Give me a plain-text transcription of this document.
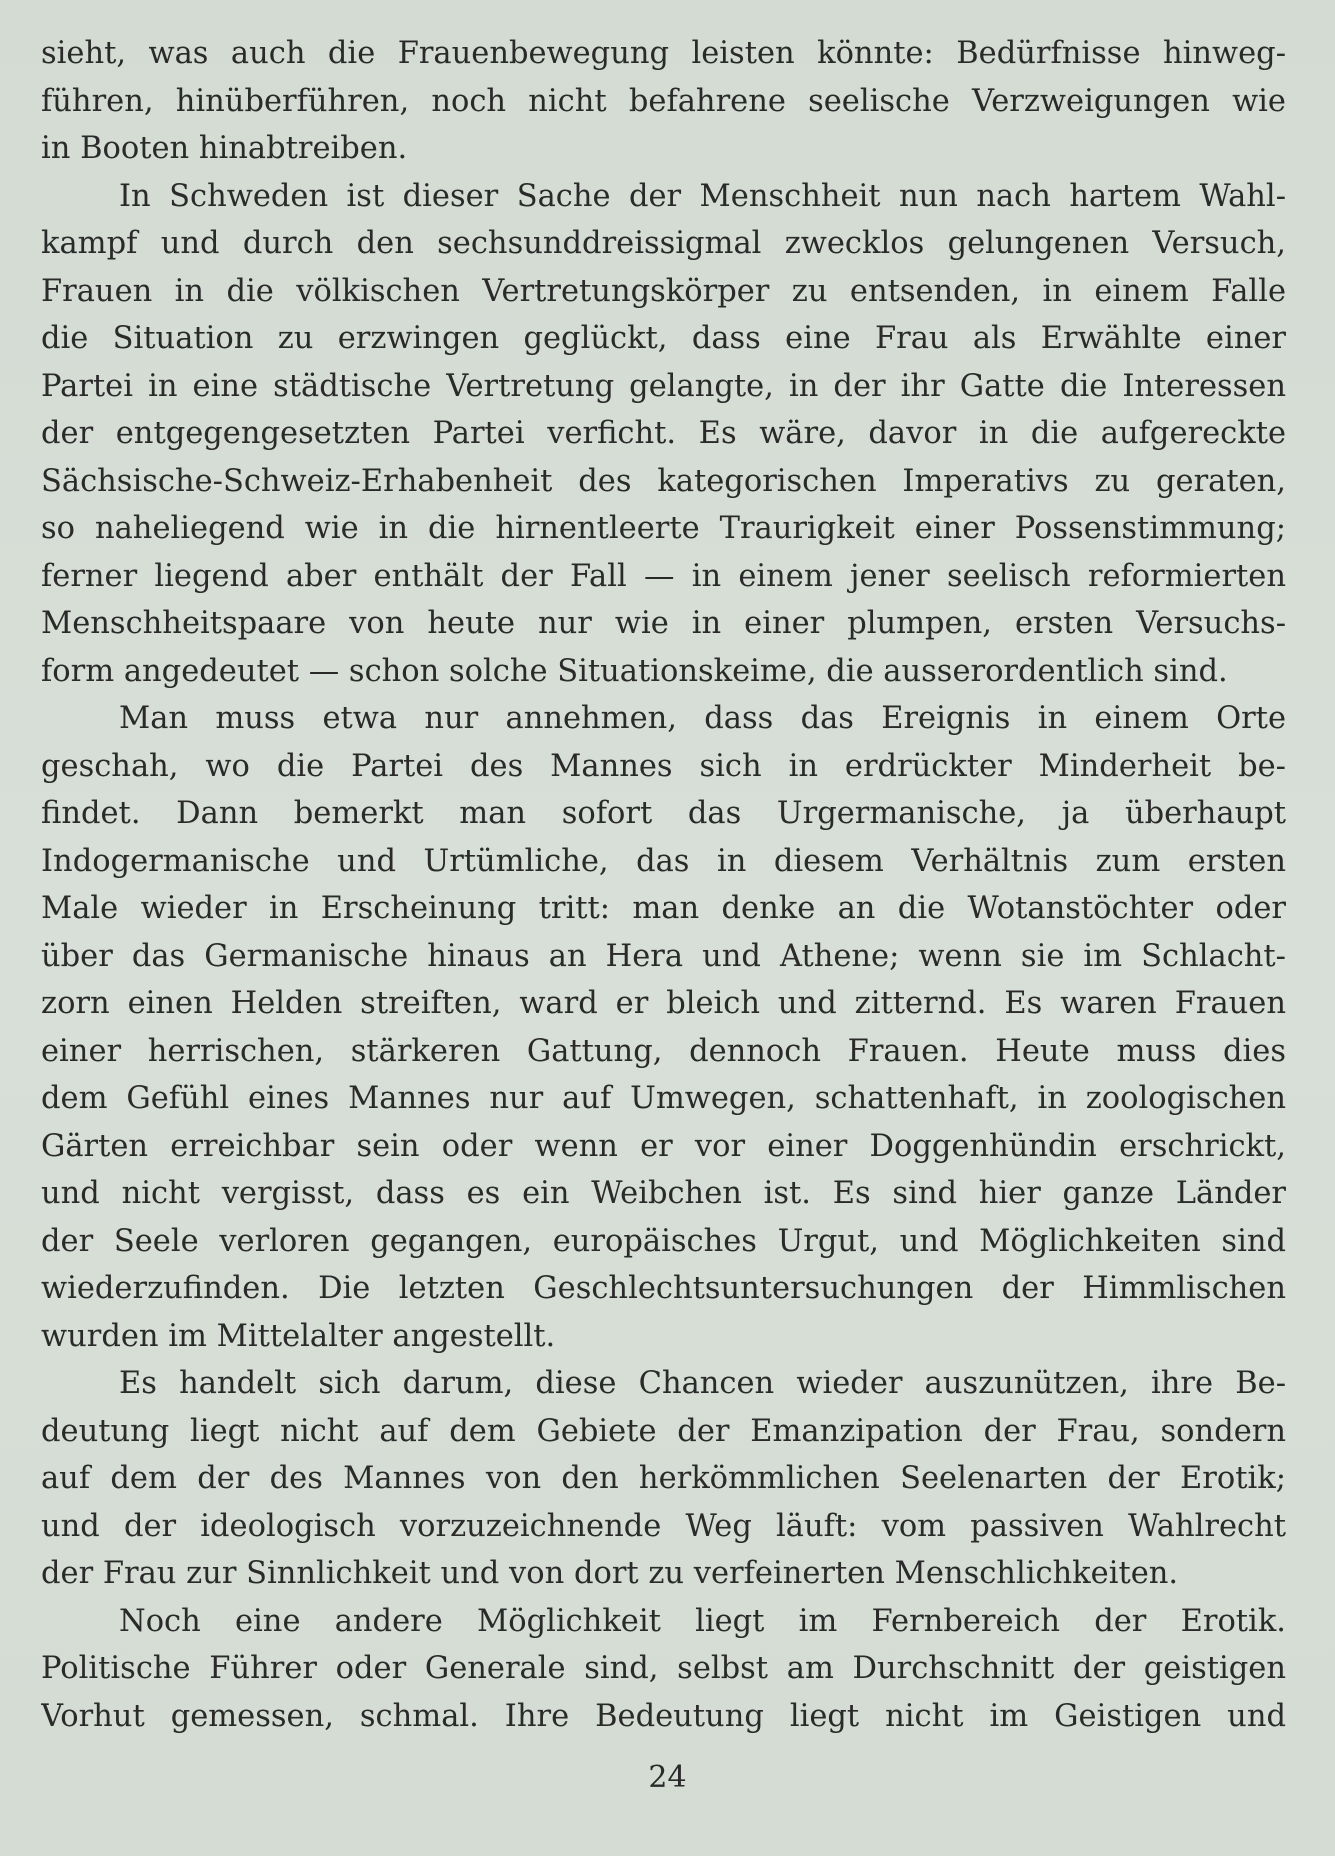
sieht, was auch die Frauenbewegung leisten könnte: Bedürfnisse hinweg-
führen, hinüberführen, noch nicht befahrene seelische Verzweigungen wie
in Booten hinabtreiben.
In Schweden ist dieser Sache der Menschheit nun nach hartem Wahl-
kampf und durch den sechsunddreissigmal zwecklos gelungenen Versuch,
Frauen in die völkischen Vertretungskörper zu entsenden, in einem Falle
die Situation zu erzwingen geglückt, dass eine Frau als Erwählte einer
Partei in eine städtische Vertretung gelangte, in der ihr Gatte die Interessen
der entgegengesetzten Partei verficht. Es wäre, davor in die aufgereckte
Sächsische-Schweiz-Erhabenheit des kategorischen Imperativs zu geraten,
so naheliegend wie in die hirnentleerte Traurigkeit einer Possenstimmung;
ferner liegend aber enthält der Fall — in einem jener seelisch reformierten
Menschheitspaare von heute nur wie in einer plumpen, ersten Versuchs-
form angedeutet — schon solche Situationskeime, die ausserordentlich sind.
Man muss etwa nur annehmen, dass das Ereignis in einem Orte
geschah, wo die Partei des Mannes sich in erdrückter Minderheit be-
findet. Dann bemerkt man sofort das Urgermanische, ja überhaupt
Indogermanische und Urtümliche, das in diesem Verhältnis zum ersten
Male wieder in Erscheinung tritt: man denke an die Wotanstöchter oder
über das Germanische hinaus an Hera und Athene; wenn sie im Schlacht-
zorn einen Helden streiften, ward er bleich und zitternd. Es waren Frauen
einer herrischen, stärkeren Gattung, dennoch Frauen. Heute muss dies
dem Gefühl eines Mannes nur auf Umwegen, schattenhaft, in zoologischen
Gärten erreichbar sein oder wenn er vor einer Doggenhündin erschrickt,
und nicht vergisst, dass es ein Weibchen ist. Es sind hier ganze Länder
der Seele verloren gegangen, europäisches Urgut, und Möglichkeiten sind
wiederzufinden. Die letzten Geschlechtsuntersuchungen der Himmlischen
wurden im Mittelalter angestellt.
Es handelt sich darum, diese Chancen wieder auszunützen, ihre Be-
deutung liegt nicht auf dem Gebiete der Emanzipation der Frau, sondern
auf dem der des Mannes von den herkömmlichen Seelenarten der Erotik;
und der ideologisch vorzuzeichnende Weg läuft: vom passiven Wahlrecht
der Frau zur Sinnlichkeit und von dort zu verfeinerten Menschlichkeiten.
Noch eine andere Möglichkeit liegt im Fernbereich der Erotik.
Politische Führer oder Generale sind, selbst am Durchschnitt der geistigen
Vorhut gemessen, schmal. Ihre Bedeutung liegt nicht im Geistigen und
24
